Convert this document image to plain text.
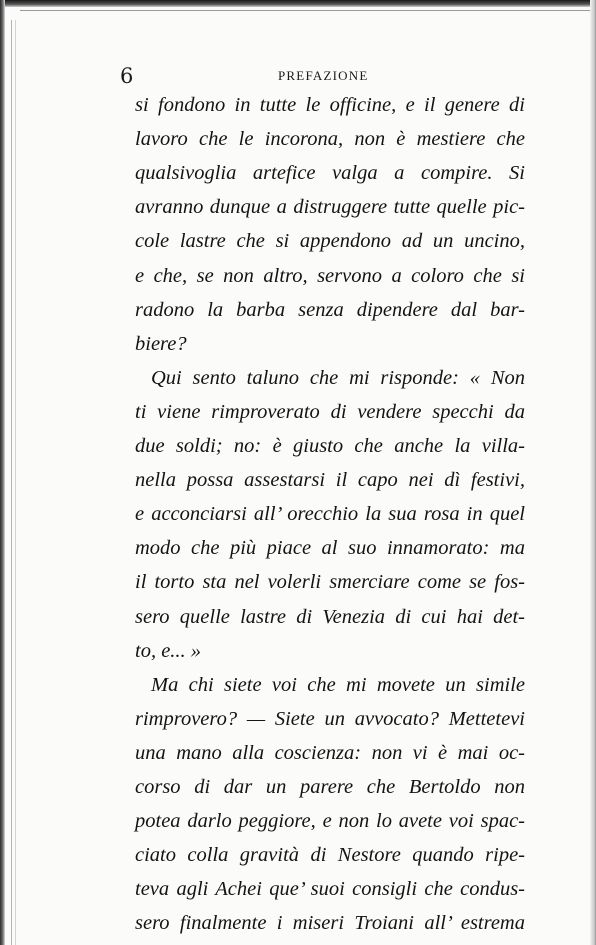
6	PREFAZIONE
si fondono in tutte le officine, e il genere di
lavoro che le incorona, non è mestiere che
qualsivoglia artefice valga a compire. Si
avranno dunque a distruggere tutte quelle pic-
cole lastre che si appendono ad un uncino,
e che, se non altro, servono a coloro che si
radono la barba senza dipendere dal bar-
biere?
Qui sento taluno che mi risponde: « Non
ti viene rimproverato di vendere specchi da
due soldi; no: è giusto che anche la villa-
nella possa assestarsi il capo nei dì festivi,
e acconciarsi all’ orecchio la sua rosa in quel
modo che più piace al suo innamorato: ma
il torto sta nel volerli smerciare come se fos-
sero quelle lastre di Venezia di cui hai det-
to, e... »
Ma chi siete voi che mi movete un simile
rimprovero? — Siete un avvocato? Mettetevi
una mano alla coscienza: non vi è mai oc-
corso di dar un parere che Bertoldo non
potea darlo peggiore, e non lo avete voi spac-
ciato colla gravità di Nestore quando ripe-
teva agli Achei que’ suoi consigli che condus-
sero finalmente i miseri Troiani all’ estrema
